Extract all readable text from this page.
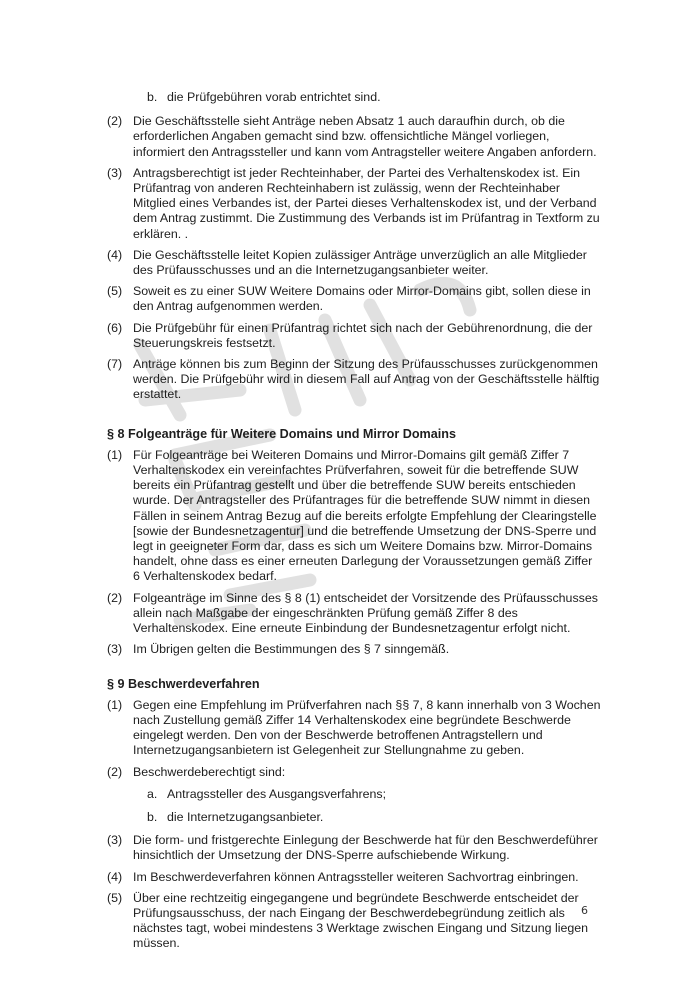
b. die Prüfgebühren vorab entrichtet sind.
(2) Die Geschäftsstelle sieht Anträge neben Absatz 1 auch daraufhin durch, ob die erforderlichen Angaben gemacht sind bzw. offensichtliche Mängel vorliegen, informiert den Antragssteller und kann vom Antragsteller weitere Angaben anfordern.
(3) Antragsberechtigt ist jeder Rechteinhaber, der Partei des Verhaltenskodex ist. Ein Prüfantrag von anderen Rechteinhabern ist zulässig, wenn der Rechteinhaber Mitglied eines Verbandes ist, der Partei dieses Verhaltenskodex ist, und der Verband dem Antrag zustimmt. Die Zustimmung des Verbands ist im Prüfantrag in Textform zu erklären. .
(4) Die Geschäftsstelle leitet Kopien zulässiger Anträge unverzüglich an alle Mitglieder des Prüfausschusses und an die Internetzugangsanbieter weiter.
(5) Soweit es zu einer SUW Weitere Domains oder Mirror-Domains gibt, sollen diese in den Antrag aufgenommen werden.
(6) Die Prüfgebühr für einen Prüfantrag richtet sich nach der Gebührenordnung, die der Steuerungskreis festsetzt.
(7) Anträge können bis zum Beginn der Sitzung des Prüfausschusses zurückgenommen werden. Die Prüfgebühr wird in diesem Fall auf Antrag von der Geschäftsstelle hälftig erstattet.
§ 8 Folgeanträge für Weitere Domains und Mirror Domains
(1) Für Folgeanträge bei Weiteren Domains und Mirror-Domains gilt gemäß Ziffer 7 Verhaltenskodex ein vereinfachtes Prüfverfahren, soweit für die betreffende SUW bereits ein Prüfantrag gestellt und über die betreffende SUW bereits entschieden wurde. Der Antragsteller des Prüfantrages für die betreffende SUW nimmt in diesen Fällen in seinem Antrag Bezug auf die bereits erfolgte Empfehlung der Clearingstelle [sowie der Bundesnetzagentur] und die betreffende Umsetzung der DNS-Sperre und legt in geeigneter Form dar, dass es sich um Weitere Domains bzw. Mirror-Domains handelt, ohne dass es einer erneuten Darlegung der Voraussetzungen gemäß Ziffer 6 Verhaltenskodex bedarf.
(2) Folgeanträge im Sinne des § 8 (1) entscheidet der Vorsitzende des Prüfausschusses allein nach Maßgabe der eingeschränkten Prüfung gemäß Ziffer 8 des Verhaltenskodex. Eine erneute Einbindung der Bundesnetzagentur erfolgt nicht.
(3) Im Übrigen gelten die Bestimmungen des § 7 sinngemäß.
§ 9 Beschwerdeverfahren
(1) Gegen eine Empfehlung im Prüfverfahren nach §§ 7, 8 kann innerhalb von 3 Wochen nach Zustellung gemäß Ziffer 14 Verhaltenskodex eine begründete Beschwerde eingelegt werden. Den von der Beschwerde betroffenen Antragstellern und Internetzugangsanbietern ist Gelegenheit zur Stellungnahme zu geben.
(2) Beschwerdeberechtigt sind:
a. Antragssteller des Ausgangsverfahrens;
b. die Internetzugangsanbieter.
(3) Die form- und fristgerechte Einlegung der Beschwerde hat für den Beschwerdeführer hinsichtlich der Umsetzung der DNS-Sperre aufschiebende Wirkung.
(4) Im Beschwerdeverfahren können Antragssteller weiteren Sachvortrag einbringen.
(5) Über eine rechtzeitig eingegangene und begründete Beschwerde entscheidet der Prüfungsausschuss, der nach Eingang der Beschwerdebegründung zeitlich als nächstes tagt, wobei mindestens 3 Werktage zwischen Eingang und Sitzung liegen müssen.
6
